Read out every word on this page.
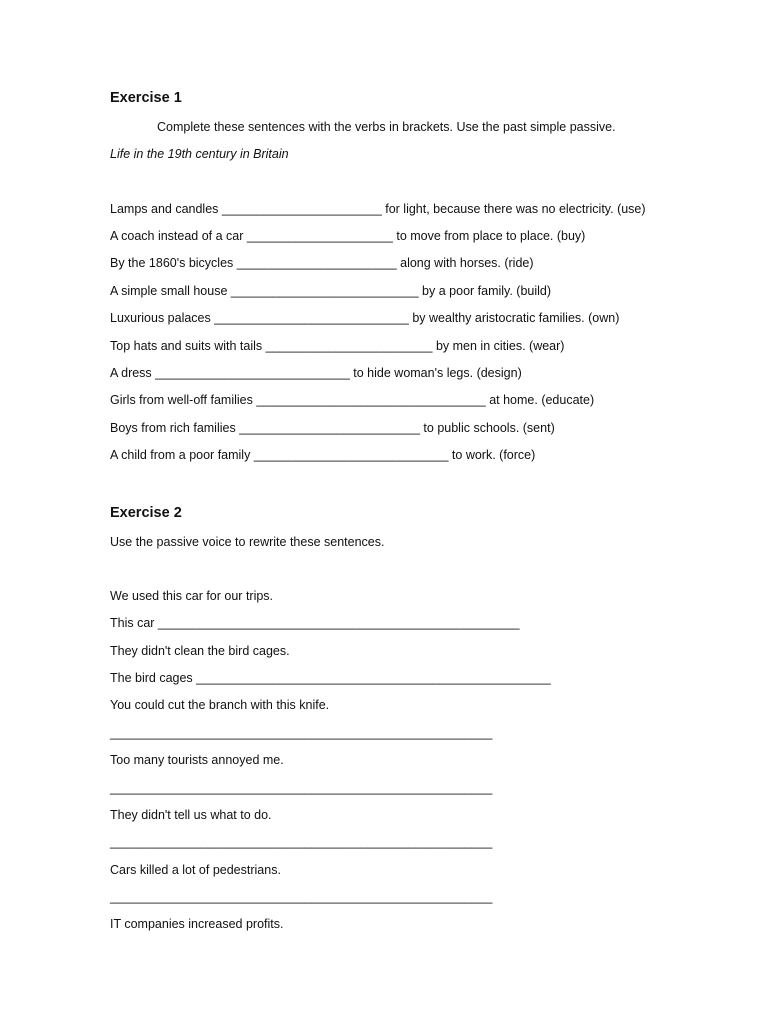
Exercise 1
Complete these sentences with the verbs in brackets. Use the past simple passive.
Life in the 19th century in Britain
Lamps and candles _______________________ for light, because there was no electricity. (use)
A coach instead of a car _____________________ to move from place to place. (buy)
By the 1860's bicycles _______________________ along with horses. (ride)
A simple small house ___________________________ by a poor family. (build)
Luxurious palaces ____________________________ by wealthy aristocratic families. (own)
Top hats and suits with tails ________________________ by men in cities. (wear)
A dress ____________________________ to hide woman's legs. (design)
Girls from well-off families _________________________________ at home. (educate)
Boys from rich families __________________________ to public schools. (sent)
A child from a poor family ____________________________ to work. (force)
Exercise 2
Use the passive voice to rewrite these sentences.
We used this car for our trips.
This car ____________________________________________________
They didn't clean the bird cages.
The bird cages ___________________________________________________
You could cut the branch with this knife.
_______________________________________________________
Too many tourists annoyed me.
_______________________________________________________
They didn't tell us what to do.
_______________________________________________________
Cars killed a lot of pedestrians.
_______________________________________________________
IT companies increased profits.
